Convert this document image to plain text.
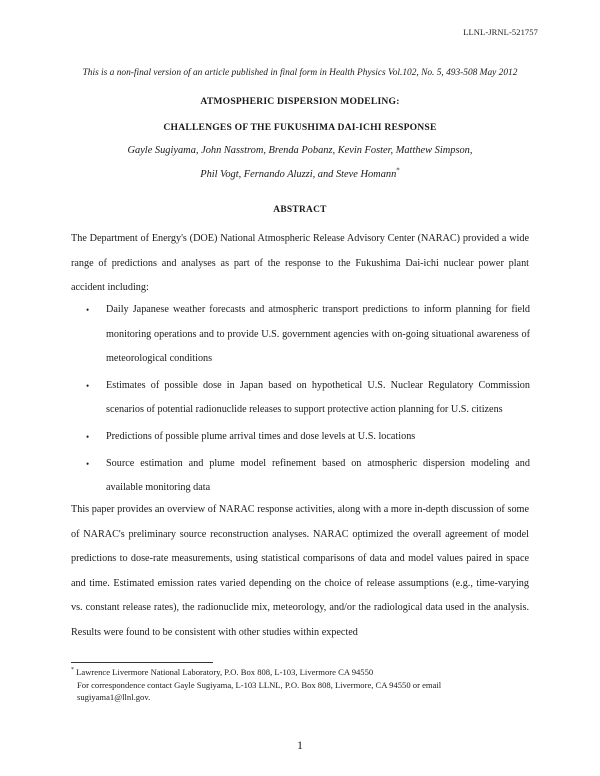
LLNL-JRNL-521757
This is a non-final version of an article published in final form in Health Physics Vol.102, No. 5, 493-508 May 2012
ATMOSPHERIC DISPERSION MODELING:
CHALLENGES OF THE FUKUSHIMA DAI-ICHI RESPONSE
Gayle Sugiyama, John Nasstrom, Brenda Pobanz, Kevin Foster, Matthew Simpson,
Phil Vogt, Fernando Aluzzi, and Steve Homann*
ABSTRACT

The Department of Energy's (DOE) National Atmospheric Release Advisory Center (NARAC) provided a wide range of predictions and analyses as part of the response to the Fukushima Dai-ichi nuclear power plant accident including:

• Daily Japanese weather forecasts and atmospheric transport predictions to inform planning for field monitoring operations and to provide U.S. government agencies with on-going situational awareness of meteorological conditions
• Estimates of possible dose in Japan based on hypothetical U.S. Nuclear Regulatory Commission scenarios of potential radionuclide releases to support protective action planning for U.S. citizens
• Predictions of possible plume arrival times and dose levels at U.S. locations
• Source estimation and plume model refinement based on atmospheric dispersion modeling and available monitoring data

This paper provides an overview of NARAC response activities, along with a more in-depth discussion of some of NARAC's preliminary source reconstruction analyses. NARAC optimized the overall agreement of model predictions to dose-rate measurements, using statistical comparisons of data and model values paired in space and time. Estimated emission rates varied depending on the choice of release assumptions (e.g., time-varying vs. constant release rates), the radionuclide mix, meteorology, and/or the radiological data used in the analysis. Results were found to be consistent with other studies within expected

* Lawrence Livermore National Laboratory, P.O. Box 808, L-103, Livermore CA 94550
For correspondence contact Gayle Sugiyama, L-103 LLNL, P.O. Box 808, Livermore, CA 94550 or email
sugiyama1@llnl.gov.
1
